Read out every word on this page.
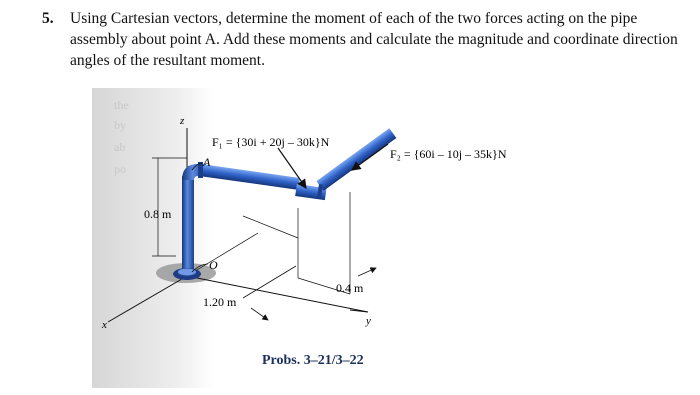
5. Using Cartesian vectors, determine the moment of each of the two forces acting on the pipe assembly about point A. Add these moments and calculate the magnitude and coordinate direction angles of the resultant moment.
the
by
ab
po
z
x	y
A
O
F₁ = {30i + 20j – 30k}N
F₂ = {60i – 10j – 35k}N
0.8 m
1.20 m
0.4 m
Probs. 3–21/3–22
